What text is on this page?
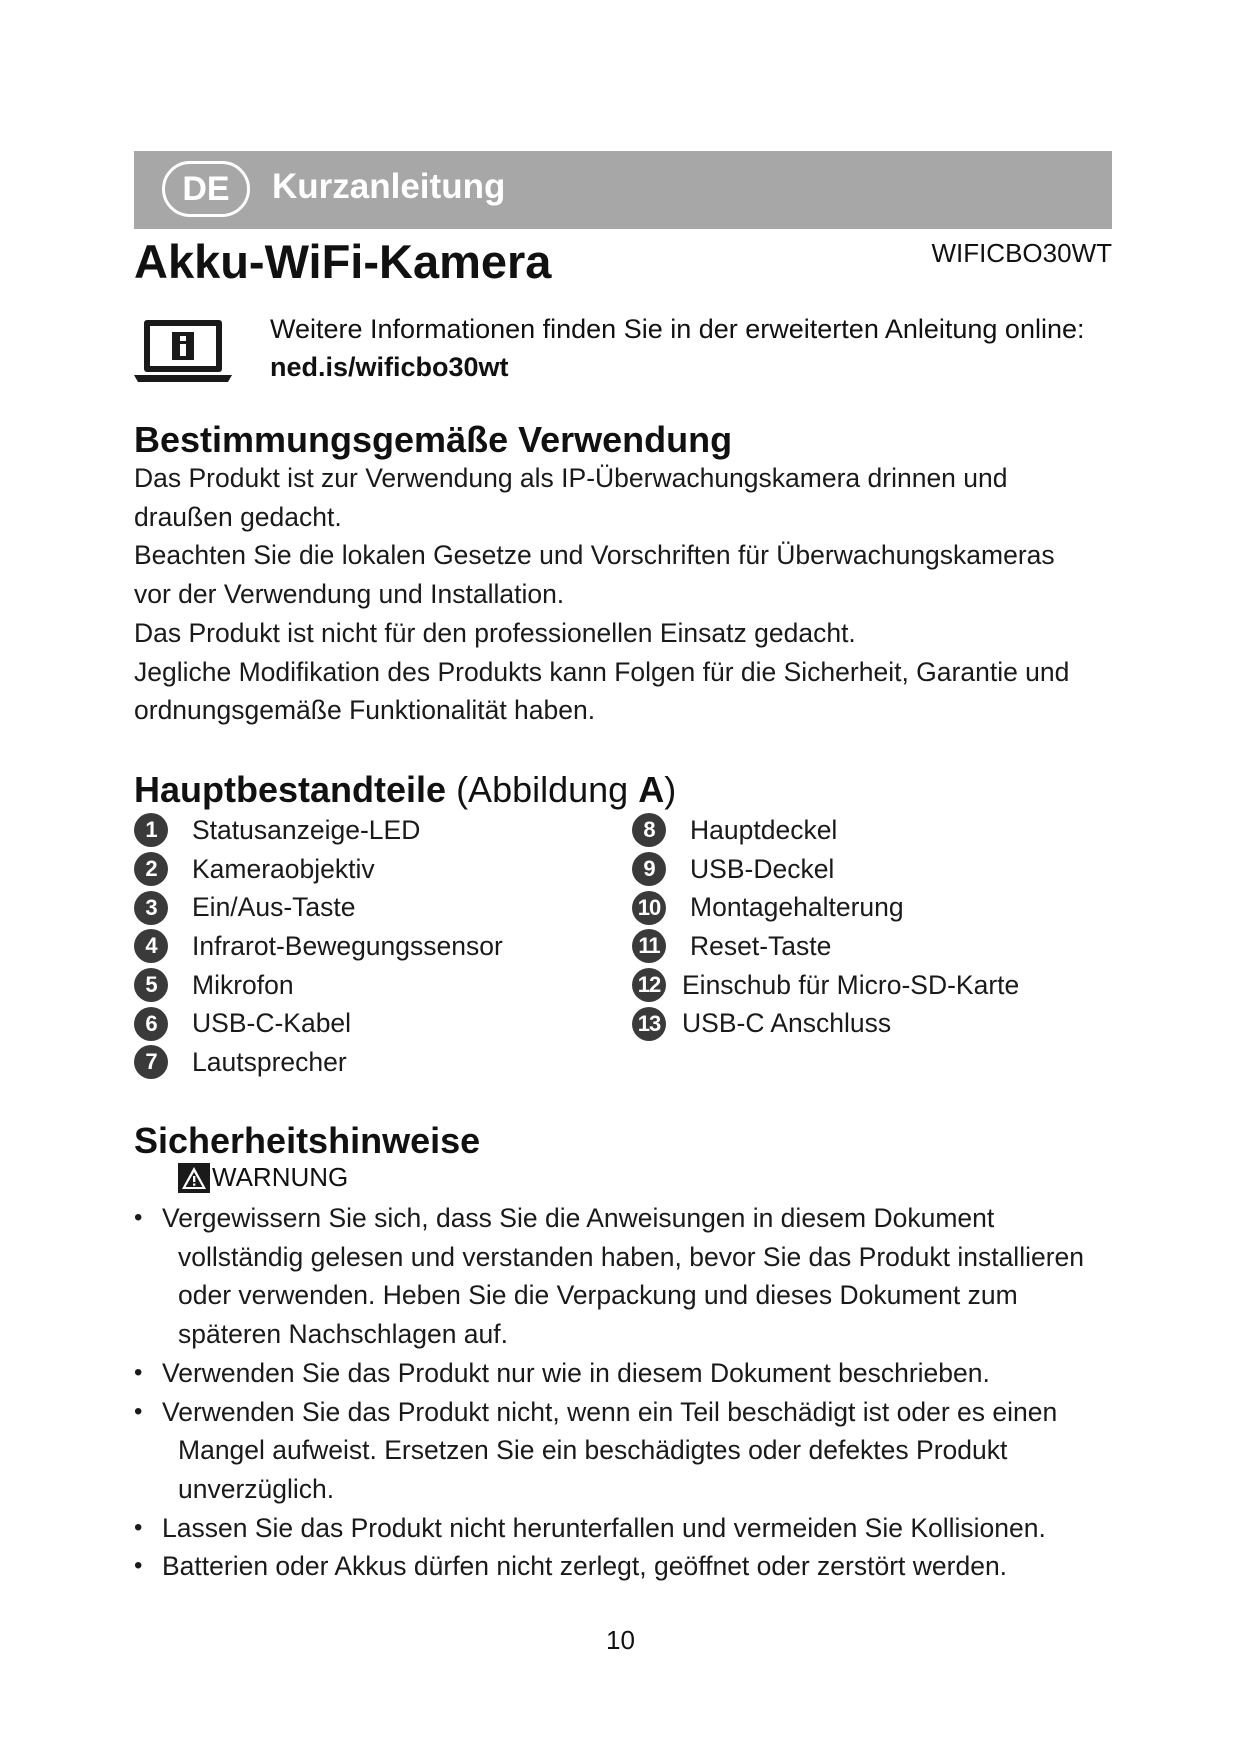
DE	Kurzanleitung
Akku-WiFi-Kamera	WIFICBO30WT
Weitere Informationen finden Sie in der erweiterten Anleitung online:
ned.is/wificbo30wt
Bestimmungsgemäße Verwendung

Das Produkt ist zur Verwendung als IP-Überwachungskamera drinnen und draußen gedacht.

Beachten Sie die lokalen Gesetze und Vorschriften für Überwachungskameras vor der Verwendung und Installation.

Das Produkt ist nicht für den professionellen Einsatz gedacht.

Jegliche Modifikation des Produkts kann Folgen für die Sicherheit, Garantie und ordnungsgemäße Funktionalität haben.

Hauptbestandteile (Abbildung A)
1	Statusanzeige-LED
2	Kameraobjektiv
3	Ein/Aus-Taste
4	Infrarot-Bewegungssensor
5	Mikrofon
6	USB-C-Kabel
7	Lautsprecher
8	Hauptdeckel
9	USB-Deckel
10 Montagehalterung
11 Reset-Taste
12 Einschub für Micro-SD-Karte
13 USB-C Anschluss
Sicherheitshinweise
WARNUNG
• Vergewissern Sie sich, dass Sie die Anweisungen in diesem Dokument vollständig gelesen und verstanden haben, bevor Sie das Produkt installieren oder verwenden. Heben Sie die Verpackung und dieses Dokument zum späteren Nachschlagen auf.
• Verwenden Sie das Produkt nur wie in diesem Dokument beschrieben.
• Verwenden Sie das Produkt nicht, wenn ein Teil beschädigt ist oder es einen Mangel aufweist. Ersetzen Sie ein beschädigtes oder defektes Produkt unverzüglich.
• Lassen Sie das Produkt nicht herunterfallen und vermeiden Sie Kollisionen.
• Batterien oder Akkus dürfen nicht zerlegt, geöffnet oder zerstört werden.
10
